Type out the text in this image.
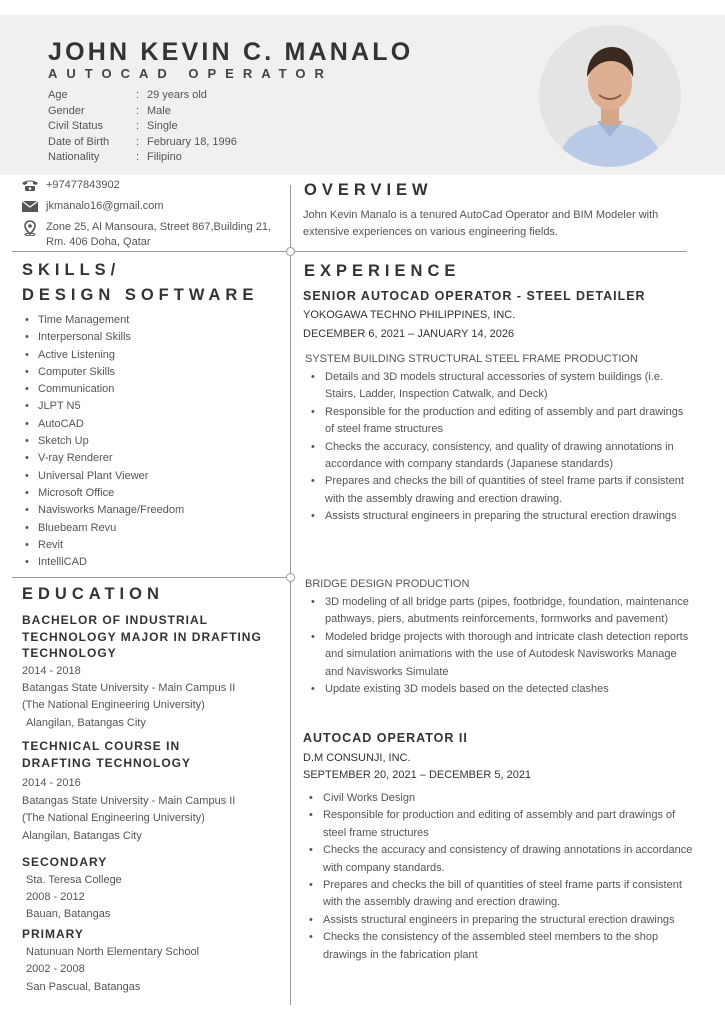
JOHN KEVIN C. MANALO
AUTOCAD OPERATOR
Age	: 29 years old
Gender	: Male
Civil Status	: Single
Date of Birth	: February 18, 1996
Nationality	: Filipino
+97477843902
jkmanalo16@gmail.com
Zone 25, Al Mansoura, Street 867,Building 21, Rm. 406 Doha, Qatar
OVERVIEW
John Kevin Manalo is a tenured AutoCad Operator and BIM Modeler with extensive experiences on various engineering fields.
SKILLS/
DESIGN SOFTWARE
• Time Management
• Interpersonal Skills
• Active Listening
• Computer Skills
• Communication
• JLPT N5
• AutoCAD
• Sketch Up
• V-ray Renderer
• Universal Plant Viewer
• Microsoft Office
• Navisworks Manage/Freedom
• Bluebeam Revu
• Revit
• IntelliCAD
EDUCATION
BACHELOR OF INDUSTRIAL TECHNOLOGY MAJOR IN DRAFTING TECHNOLOGY
2014 - 2018
Batangas State University - Main Campus II
(The National Engineering University)
Alangilan, Batangas City
TECHNICAL COURSE IN DRAFTING TECHNOLOGY
2014 - 2016
Batangas State University - Main Campus II
(The National Engineering University)
Alangilan, Batangas City
SECONDARY
Sta. Teresa College
2008 - 2012
Bauan, Batangas
PRIMARY
Natunuan North Elementary School
2002 - 2008
San Pascual, Batangas
EXPERIENCE
SENIOR AUTOCAD OPERATOR - STEEL DETAILER
YOKOGAWA TECHNO PHILIPPINES, INC.
DECEMBER 6, 2021 – JANUARY 14, 2026
SYSTEM BUILDING STRUCTURAL STEEL FRAME PRODUCTION
• Details and 3D models structural accessories of system buildings (i.e. Stairs, Ladder, Inspection Catwalk, and Deck)
• Responsible for the production and editing of assembly and part drawings of steel frame structures
• Checks the accuracy, consistency, and quality of drawing annotations in accordance with company standards (Japanese standards)
• Prepares and checks the bill of quantities of steel frame parts if consistent with the assembly drawing and erection drawing.
• Assists structural engineers in preparing the structural erection drawings
BRIDGE DESIGN PRODUCTION
• 3D modeling of all bridge parts (pipes, footbridge, foundation, maintenance pathways, piers, abutments reinforcements, formworks and pavement)
• Modeled bridge projects with thorough and intricate clash detection reports and simulation animations with the use of Autodesk Navisworks Manage and Navisworks Simulate
• Update existing 3D models based on the detected clashes
AUTOCAD OPERATOR II
D.M CONSUNJI, INC.
SEPTEMBER 20, 2021 – DECEMBER 5, 2021
• Civil Works Design
• Responsible for production and editing of assembly and part drawings of steel frame structures
• Checks the accuracy and consistency of drawing annotations in accordance with company standards.
• Prepares and checks the bill of quantities of steel frame parts if consistent with the assembly drawing and erection drawing.
• Assists structural engineers in preparing the structural erection drawings
• Checks the consistency of the assembled steel members to the shop drawings in the fabrication plant
